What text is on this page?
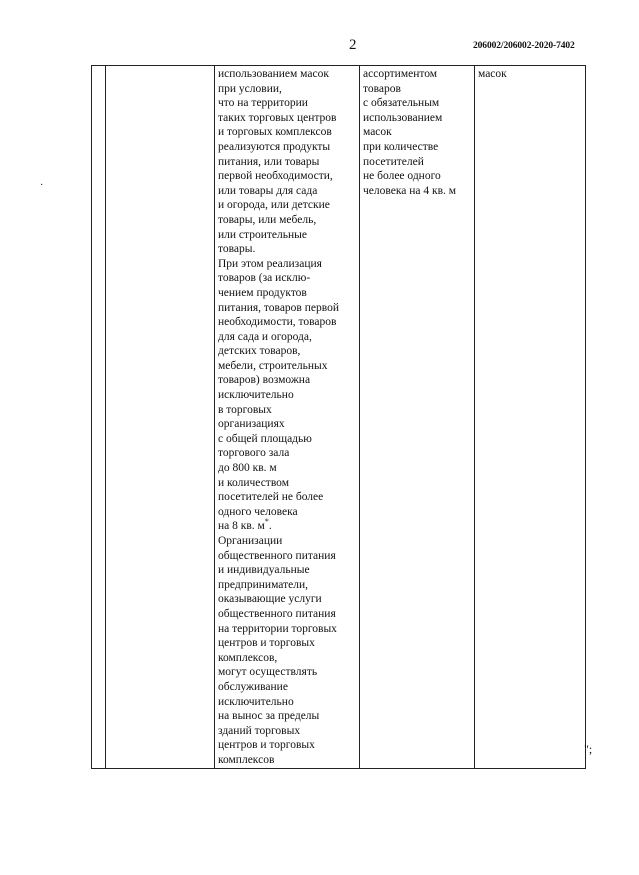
2	206002/206002-2020-7402
·

использованием масок
при условии,
что на территории
таких торговых центров
и торговых комплексов
реализуются продукты
питания, или товары
первой необходимости,
или товары для сада
и огорода, или детские
товары, или мебель,
или строительные
товары.
При этом реализация
товаров (за исклю-
чением продуктов
питания, товаров первой
необходимости, товаров
для сада и огорода,
детских товаров,
мебели, строительных
товаров) возможна
исключительно
в торговых
организациях
с общей площадью
торгового зала
до 800 кв. м
и количеством
посетителей не более
одного человека
на 8 кв. м*.
Организации
общественного питания
и индивидуальные
предприниматели,
оказывающие услуги
общественного питания
на территории торговых
центров и торговых
комплексов,
могут осуществлять
обслуживание
исключительно
на вынос за пределы
зданий торговых
центров и торговых
комплексов

ассортиментом
товаров
с обязательным
использованием
масок
при количестве
посетителей
не более одного
человека на 4 кв. м

масок
";
